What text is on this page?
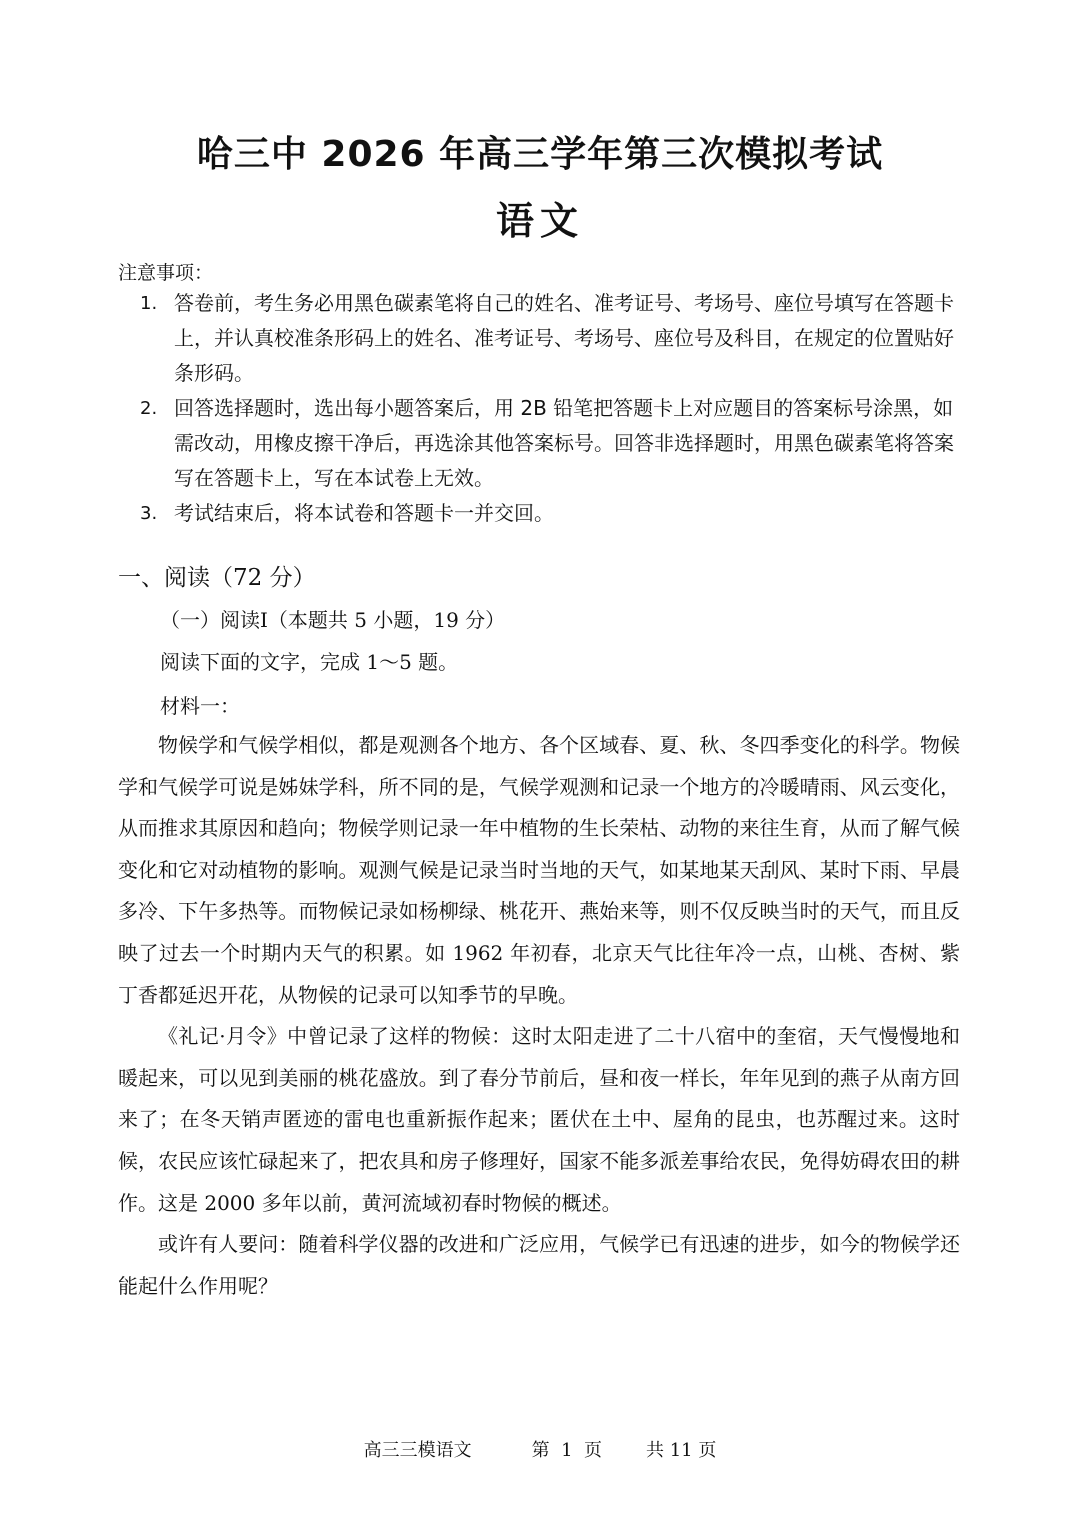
哈三中 2026 年高三学年第三次模拟考试
语文
注意事项：
1. 答卷前，考生务必用黑色碳素笔将自己的姓名、准考证号、考场号、座位号填写在答题卡上，并认真校准条形码上的姓名、准考证号、考场号、座位号及科目，在规定的位置贴好条形码。
2. 回答选择题时，选出每小题答案后，用 2B 铅笔把答题卡上对应题目的答案标号涂黑，如需改动，用橡皮擦干净后，再选涂其他答案标号。回答非选择题时，用黑色碳素笔将答案写在答题卡上，写在本试卷上无效。
3. 考试结束后，将本试卷和答题卡一并交回。
一、阅读（72 分）
（一）阅读Ⅰ（本题共 5 小题，19 分）
阅读下面的文字，完成 1～5 题。
材料一：

物候学和气候学相似，都是观测各个地方、各个区域春、夏、秋、冬四季变化的科学。物候学和气候学可说是姊妹学科，所不同的是，气候学观测和记录一个地方的冷暖晴雨、风云变化，从而推求其原因和趋向；物候学则记录一年中植物的生长荣枯、动物的来往生育，从而了解气候变化和它对动植物的影响。观测气候是记录当时当地的天气，如某地某天刮风、某时下雨、早晨多冷、下午多热等。而物候记录如杨柳绿、桃花开、燕始来等，则不仅反映当时的天气，而且反映了过去一个时期内天气的积累。如 1962 年初春，北京天气比往年冷一点，山桃、杏树、紫丁香都延迟开花，从物候的记录可以知季节的早晚。

《礼记·月令》中曾记录了这样的物候：这时太阳走进了二十八宿中的奎宿，天气慢慢地和暖起来，可以见到美丽的桃花盛放。到了春分节前后，昼和夜一样长，年年见到的燕子从南方回来了；在冬天销声匿迹的雷电也重新振作起来；匿伏在土中、屋角的昆虫，也苏醒过来。这时候，农民应该忙碌起来了，把农具和房子修理好，国家不能多派差事给农民，免得妨碍农田的耕作。这是 2000 多年以前，黄河流域初春时物候的概述。

或许有人要问：随着科学仪器的改进和广泛应用，气候学已有迅速的进步，如今的物候学还能起什么作用呢？

高三三模语文	第  1  页 共 11 页
